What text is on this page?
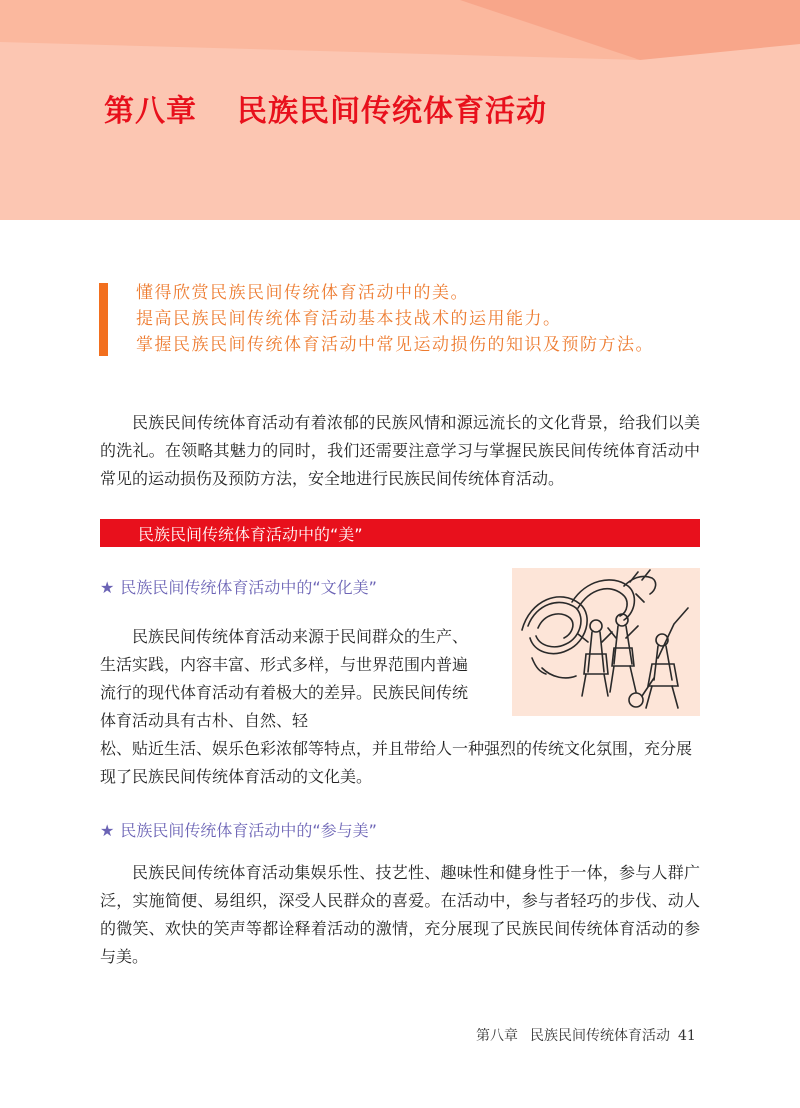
第八章 民族民间传统体育活动
懂得欣赏民族民间传统体育活动中的美。
提高民族民间传统体育活动基本技战术的运用能力。
掌握民族民间传统体育活动中常见运动损伤的知识及预防方法。

民族民间传统体育活动有着浓郁的民族风情和源远流长的文化背景，给我们以美的洗礼。在领略其魅力的同时，我们还需要注意学习与掌握民族民间传统体育活动中常见的运动损伤及预防方法，安全地进行民族民间传统体育活动。

民族民间传统体育活动中的“美”
★ 民族民间传统体育活动中的“文化美”
民族民间传统体育活动来源于民间群众的生产、生活实践，内容丰富、形式多样，与世界范围内普遍流行的现代体育活动有着极大的差异。民族民间传统体育活动具有古朴、自然、轻
松、贴近生活、娱乐色彩浓郁等特点，并且带给人一种强烈的传统文化氛围，充分展现了民族民间传统体育活动的文化美。
★ 民族民间传统体育活动中的“参与美”

民族民间传统体育活动集娱乐性、技艺性、趣味性和健身性于一体，参与人群广泛，实施简便、易组织，深受人民群众的喜爱。在活动中，参与者轻巧的步伐、动人的微笑、欢快的笑声等都诠释着活动的激情，充分展现了民族民间传统体育活动的参与美。

第八章 民族民间传统体育活动 41
